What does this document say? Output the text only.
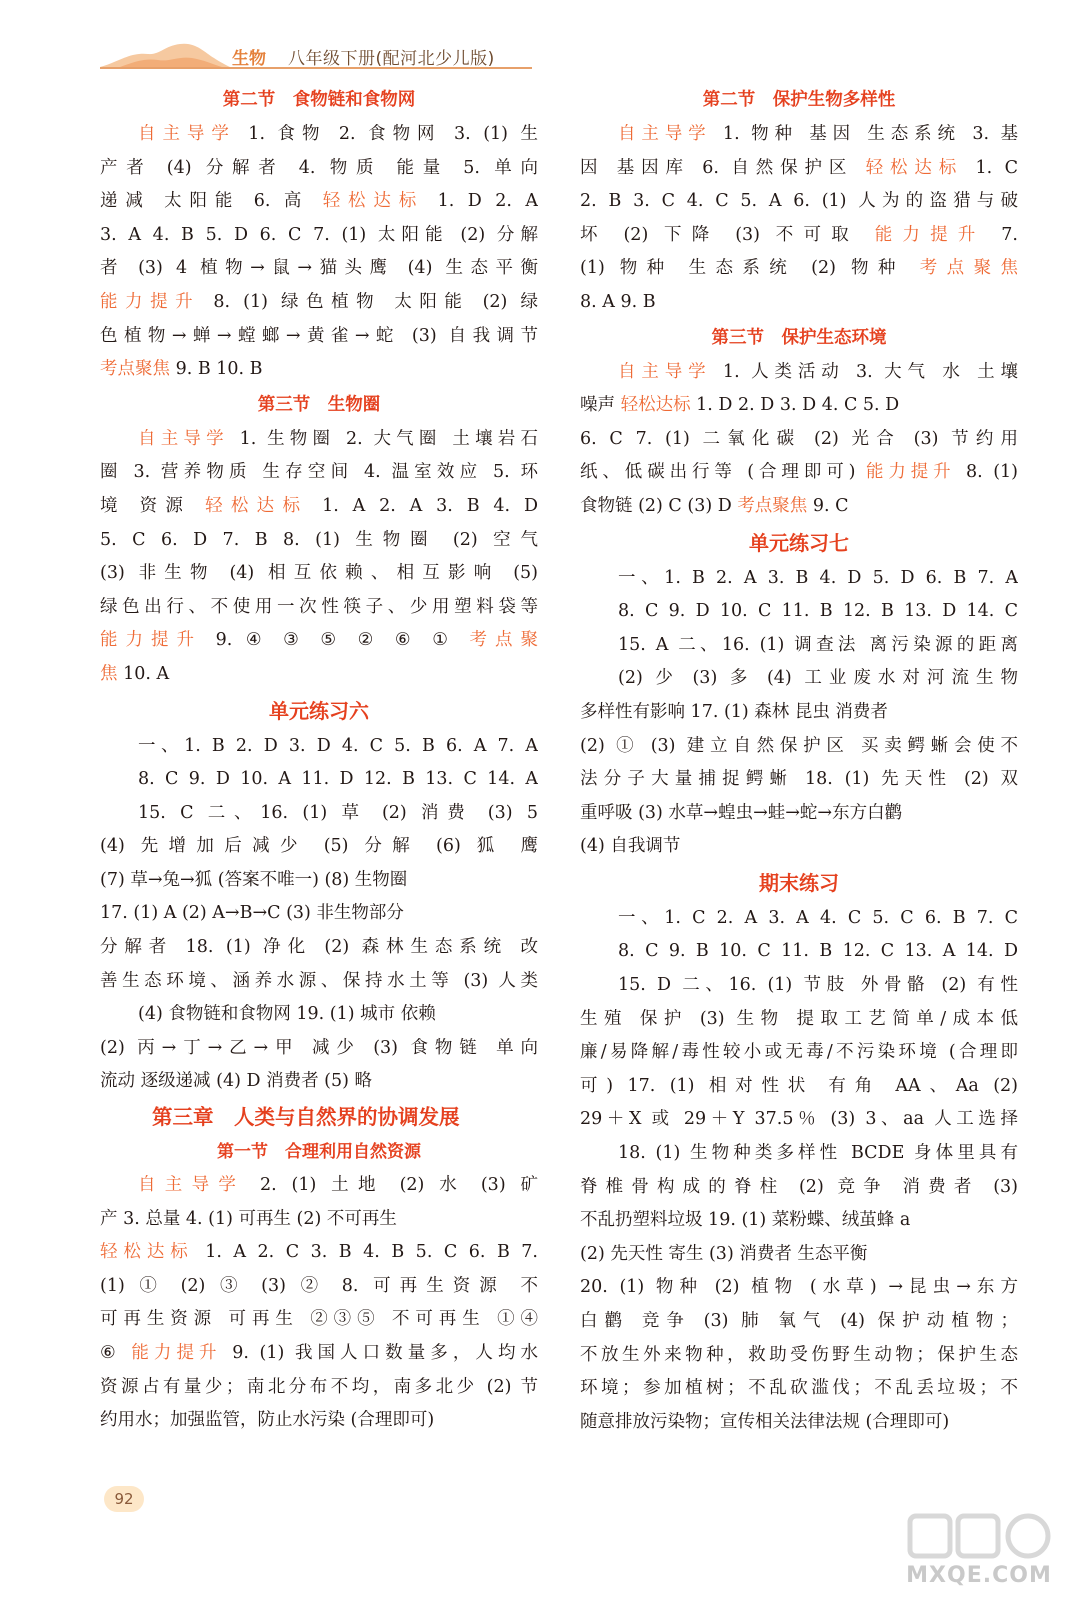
生物 八年级下册(配河北少儿版)
第二节　食物链和食物网
自主导学 1. 食物 2. 食物网 3. (1) 生
产者 (4) 分解者 4. 物质 能量 5. 单向
递减 太阳能 6. 高 轻松达标 1. D 2. A
3. A 4. B 5. D 6. C 7. (1) 太阳能 (2) 分解
者 (3) 4 植物→鼠→猫头鹰 (4) 生态平衡
能力提升 8. (1) 绿色植物 太阳能 (2) 绿
色植物→蝉→螳螂→黄雀→蛇 (3) 自我调节
考点聚焦 9. B 10. B
第三节　生物圈
自主导学 1. 生物圈 2. 大气圈 土壤岩石
圈 3. 营养物质 生存空间 4. 温室效应 5. 环
境 资源 轻松达标 1. A 2. A 3. B 4. D
5. C 6. D 7. B 8. (1) 生物圈 (2) 空气
(3) 非生物 (4) 相互依赖、相互影响 (5)
绿色出行、不使用一次性筷子、少用塑料袋等
能力提升 9. ④ ③ ⑤ ② ⑥ ① 考点聚
焦 10. A
单元练习六
一、1. B 2. D 3. D 4. C 5. B 6. A 7. A
8. C 9. D 10. A 11. D 12. B 13. C 14. A
15. C 二、16. (1) 草 (2) 消费 (3) 5
(4) 先增加后减少 (5) 分解 (6) 狐 鹰
(7) 草→兔→狐 (答案不唯一) (8) 生物圈
17. (1) A (2) A→B→C (3) 非生物部分
分解者 18. (1) 净化 (2) 森林生态系统 改
善生态环境、涵养水源、保持水土等 (3) 人类
(4) 食物链和食物网 19. (1) 城市 依赖
(2) 丙→丁→乙→甲 减少 (3) 食物链 单向
流动 逐级递减 (4) D 消费者 (5) 略
第三章　人类与自然界的协调发展
第一节　合理利用自然资源
自主导学 2. (1) 土地 (2) 水 (3) 矿
产 3. 总量 4. (1) 可再生 (2) 不可再生
轻松达标 1. A 2. C 3. B 4. B 5. C 6. B 7.
(1) ① (2) ③ (3) ② 8. 可再生资源 不
可再生资源 可再生 ②③⑤ 不可再生 ①④
⑥ 能力提升 9. (1) 我国人口数量多，人均水
资源占有量少；南北分布不均，南多北少 (2) 节
约用水；加强监管，防止水污染 (合理即可)
第二节　保护生物多样性
自主导学 1. 物种 基因 生态系统 3. 基
因 基因库 6. 自然保护区 轻松达标 1. C
2. B 3. C 4. C 5. A 6. (1) 人为的盗猎与破
坏 (2) 下降 (3) 不可取 能力提升 7.
(1) 物种 生态系统 (2) 物种 考点聚焦
8. A 9. B
第三节　保护生态环境
自主导学 1. 人类活动 3. 大气 水 土壤
噪声 轻松达标 1. D 2. D 3. D 4. C 5. D
6. C 7. (1) 二氧化碳 (2) 光合 (3) 节约用
纸、低碳出行等 (合理即可) 能力提升 8. (1)
食物链 (2) C (3) D 考点聚焦 9. C
单元练习七
一、1. B 2. A 3. B 4. D 5. D 6. B 7. A
8. C 9. D 10. C 11. B 12. B 13. D 14. C
15. A 二、16. (1) 调查法 离污染源的距离
(2) 少 (3) 多 (4) 工业废水对河流生物
多样性有影响 17. (1) 森林 昆虫 消费者
(2) ① (3) 建立自然保护区 买卖鳄蜥会使不
法分子大量捕捉鳄蜥 18. (1) 先天性 (2) 双
重呼吸 (3) 水草→蝗虫→蛙→蛇→东方白鹳
(4) 自我调节
期末练习
一、1. C 2. A 3. A 4. C 5. C 6. B 7. C
8. C 9. B 10. C 11. B 12. C 13. A 14. D
15. D 二、16. (1) 节肢 外骨骼 (2) 有性
生殖 保护 (3) 生物 提取工艺简单/成本低
廉/易降解/毒性较小或无毒/不污染环境 (合理即
可) 17. (1) 相对性状 有角 AA、Aa (2)
29＋X 或 29＋Y 37.5％ (3) 3、aa 人工选择
18. (1) 生物种类多样性 BCDE 身体里具有
脊椎骨构成的脊柱 (2) 竞争 消费者 (3)
不乱扔塑料垃圾 19. (1) 菜粉蝶、绒茧蜂 a
(2) 先天性 寄生 (3) 消费者 生态平衡
20. (1) 物种 (2) 植物 (水草) →昆虫→东方
白鹳 竞争 (3) 肺 氧气 (4) 保护动植物；
不放生外来物种，救助受伤野生动物；保护生态
环境；参加植树；不乱砍滥伐；不乱丢垃圾；不
随意排放污染物；宣传相关法律法规 (合理即可)
92
MXQE.COM
